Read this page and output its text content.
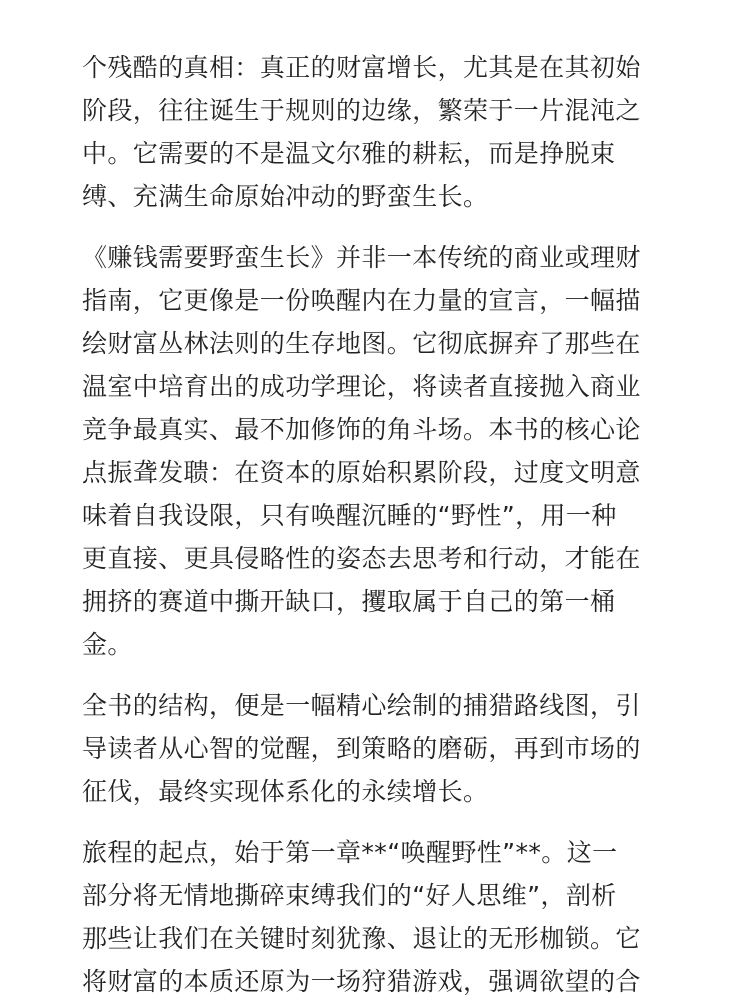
个残酷的真相：真正的财富增长，尤其是在其初始
阶段，往往诞生于规则的边缘，繁荣于一片混沌之
中。它需要的不是温文尔雅的耕耘，而是挣脱束
缚、充满生命原始冲动的野蛮生长。

《赚钱需要野蛮生长》并非一本传统的商业或理财
指南，它更像是一份唤醒内在力量的宣言，一幅描
绘财富丛林法则的生存地图。它彻底摒弃了那些在
温室中培育出的成功学理论，将读者直接抛入商业
竞争最真实、最不加修饰的角斗场。本书的核心论
点振聋发聩：在资本的原始积累阶段，过度文明意
味着自我设限，只有唤醒沉睡的“野性”，用一种
更直接、更具侵略性的姿态去思考和行动，才能在
拥挤的赛道中撕开缺口，攫取属于自己的第一桶
金。

全书的结构，便是一幅精心绘制的捕猎路线图，引
导读者从心智的觉醒，到策略的磨砺，再到市场的
征伐，最终实现体系化的永续增长。

旅程的起点，始于第一章**“唤醒野性”**。这一
部分将无情地撕碎束缚我们的“好人思维”，剖析
那些让我们在关键时刻犹豫、退让的无形枷锁。它
将财富的本质还原为一场狩猎游戏，强调欲望的合
